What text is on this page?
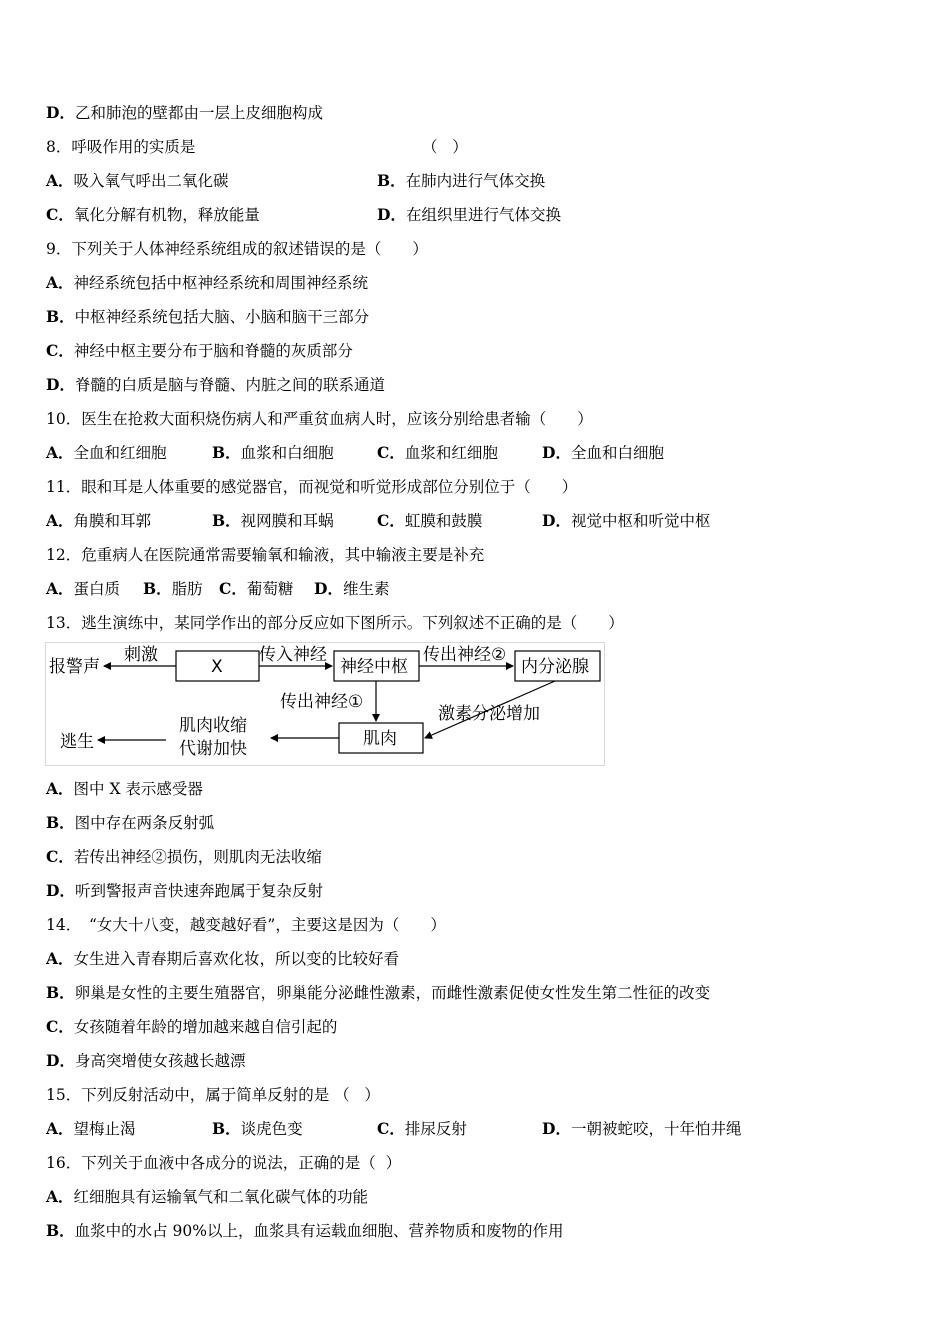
D．乙和肺泡的壁都由一层上皮细胞构成
8．呼吸作用的实质是	（   ）
A．吸入氧气呼出二氧化碳	B．在肺内进行气体交换
C．氧化分解有机物，释放能量	D．在组织里进行气体交换
9．下列关于人体神经系统组成的叙述错误的是（　　）
A．神经系统包括中枢神经系统和周围神经系统
B．中枢神经系统包括大脑、小脑和脑干三部分
C．神经中枢主要分布于脑和脊髓的灰质部分
D．脊髓的白质是脑与脊髓、内脏之间的联系通道
10．医生在抢救大面积烧伤病人和严重贫血病人时，应该分别给患者输（　　）
A．全血和红细胞	B．血浆和白细胞	C．血浆和红细胞	D．全血和白细胞
11．眼和耳是人体重要的感觉器官，而视觉和听觉形成部位分别位于（　　）
A．角膜和耳郭	B．视网膜和耳蜗	C．虹膜和鼓膜	D．视觉中枢和听觉中枢
12．危重病人在医院通常需要输氧和输液，其中输液主要是补充
A．蛋白质 B．脂肪 C．葡萄糖 D．维生素
13．逃生演练中，某同学作出的部分反应如下图所示。下列叙述不正确的是（　　）
A．图中 X 表示感受器
B．图中存在两条反射弧
C．若传出神经②损伤，则肌肉无法收缩
D．听到警报声音快速奔跑属于复杂反射
14．　“女大十八变，越变越好看”，主要这是因为（　　）
A．女生进入青春期后喜欢化妆，所以变的比较好看
B．卵巢是女性的主要生殖器官，卵巢能分泌雌性激素，而雌性激素促使女性发生第二性征的改变
C．女孩随着年龄的增加越来越自信引起的
D．身高突增使女孩越长越漂
15．下列反射活动中，属于简单反射的是 （   ）
A．望梅止渴	B．谈虎色变	C．排尿反射	D．一朝被蛇咬，十年怕井绳
16．下列关于血液中各成分的说法，正确的是（  ）
A．红细胞具有运输氧气和二氧化碳气体的功能
B．血浆中的水占 90%以上，血浆具有运载血细胞、营养物质和废物的作用
报警声
刺激
X
传入神经
神经中枢
传出神经②
内分泌腺
传出神经①
激素分泌增加
逃生
肌肉收缩
代谢加快	肌肉
